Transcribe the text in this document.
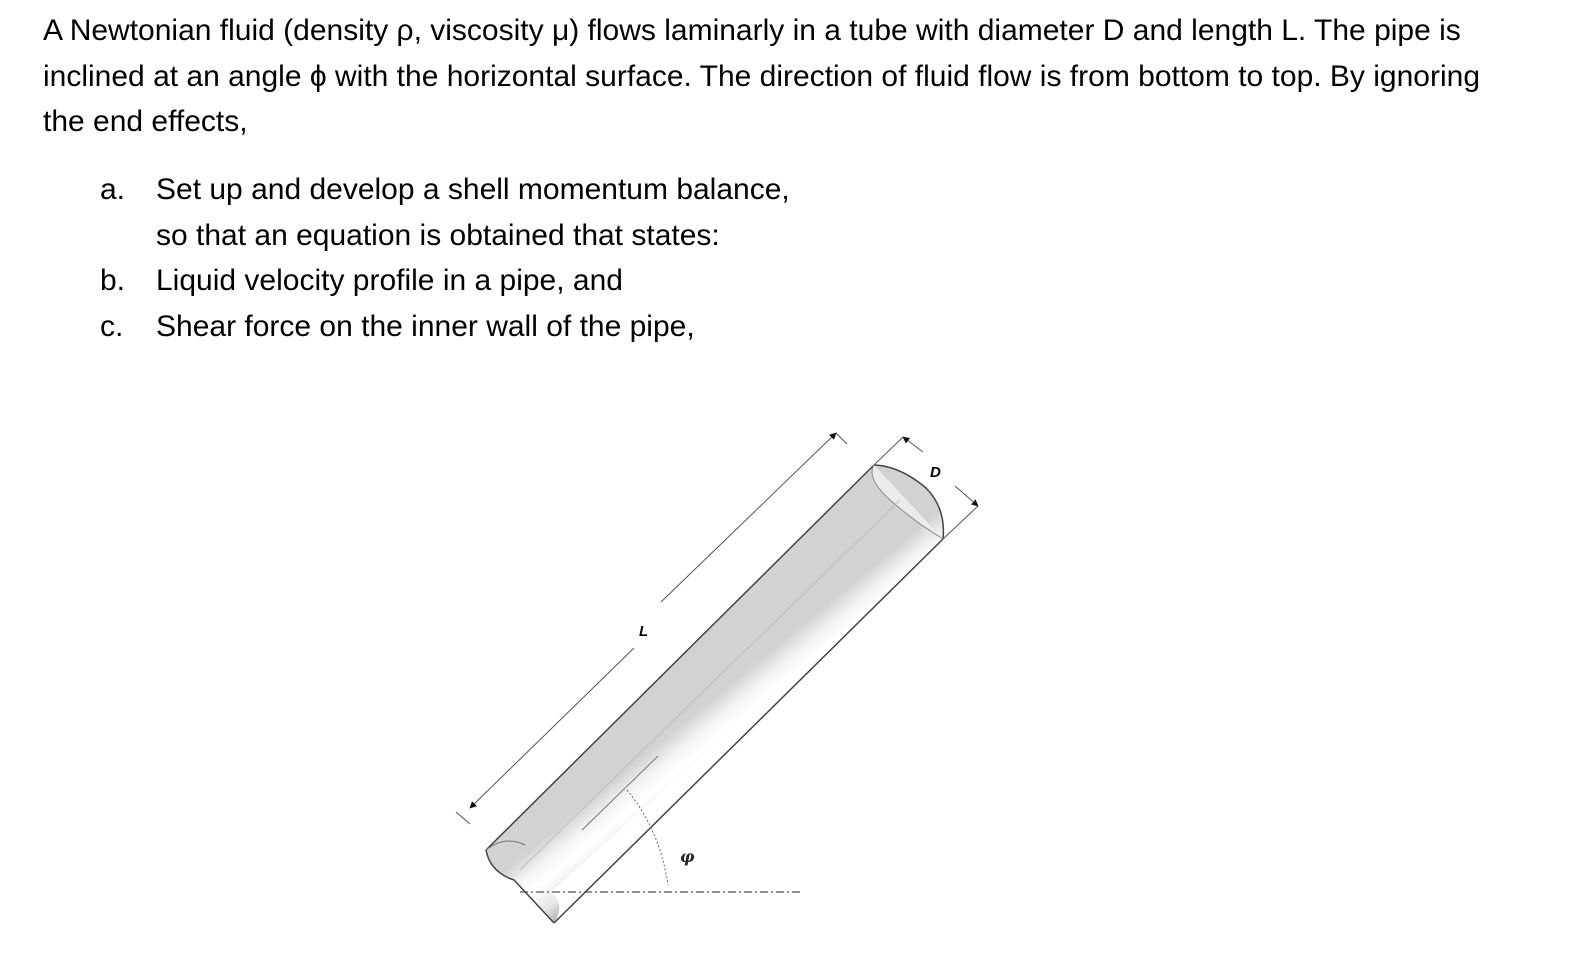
A Newtonian fluid (density ρ, viscosity μ) flows laminarly in a tube with diameter D and length L. The pipe is inclined at an angle ϕ with the horizontal surface. The direction of fluid flow is from bottom to top. By ignoring the end effects,

a. Set up and develop a shell momentum balance,
so that an equation is obtained that states:
b. Liquid velocity profile in a pipe, and
c. Shear force on the inner wall of the pipe,
L
D
φ
